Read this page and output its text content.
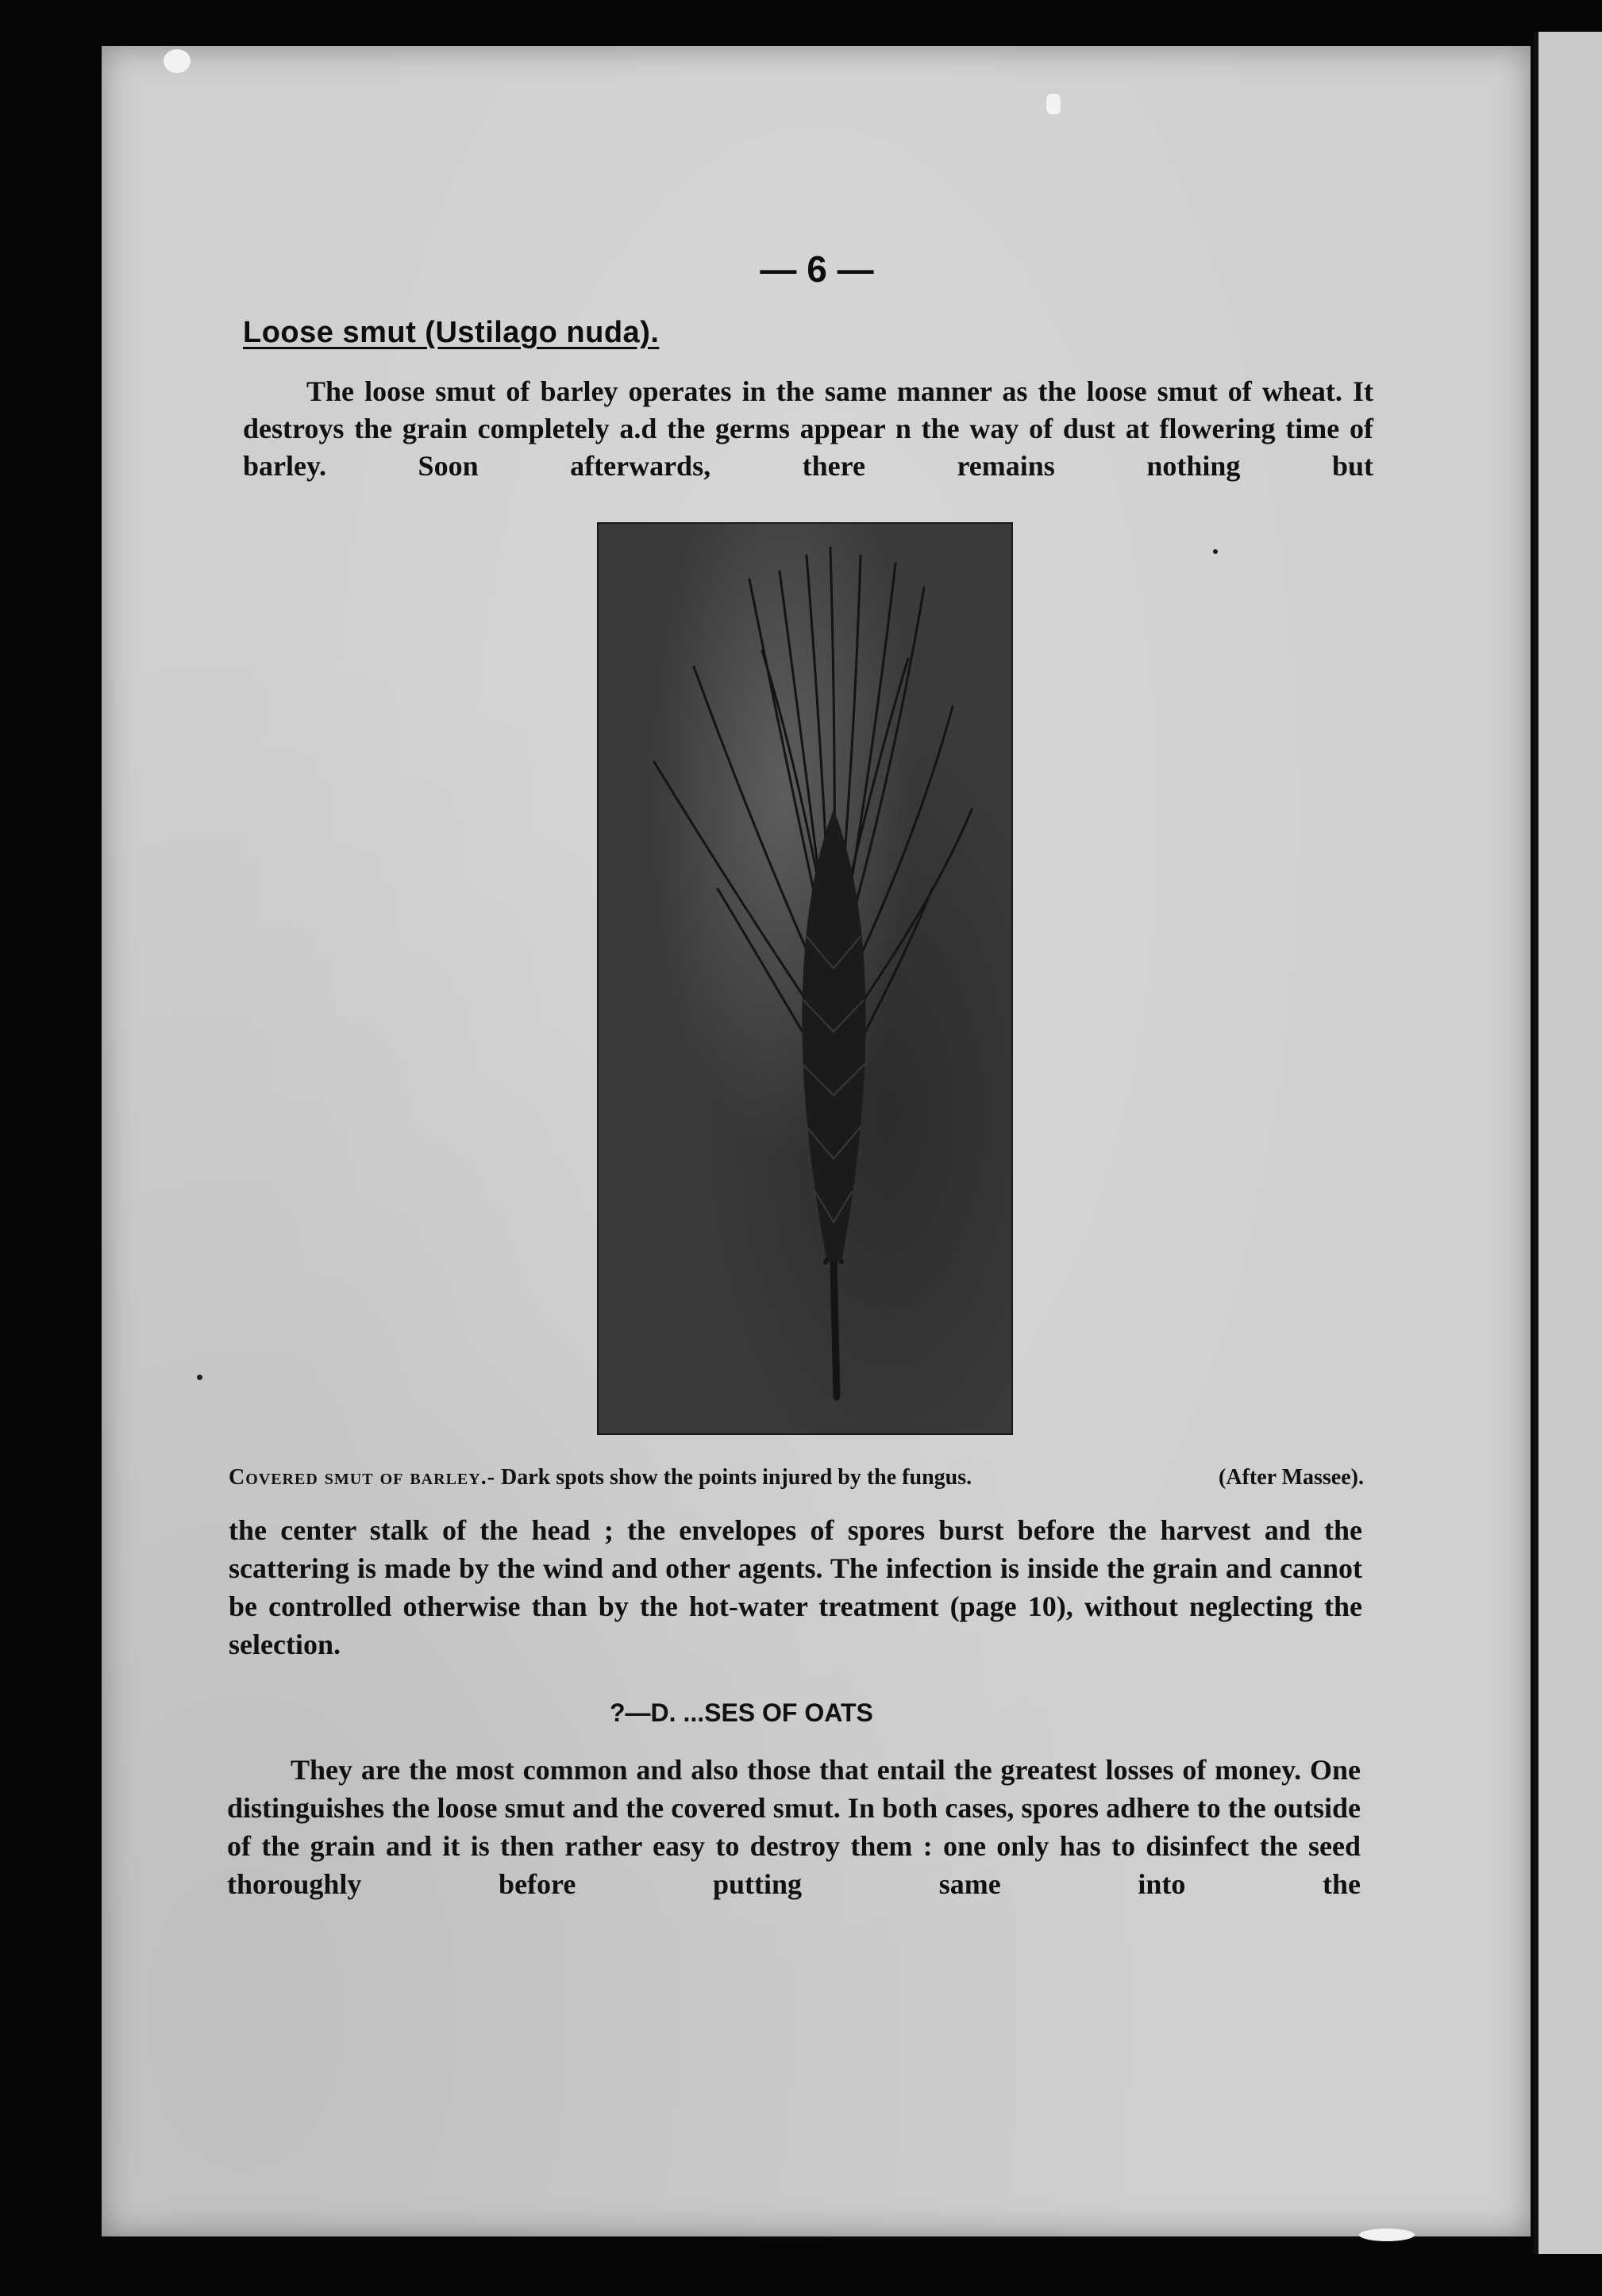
— 6 —
Loose smut (Ustilago nuda).

The loose smut of barley operates in the same manner as the loose smut of wheat. It destroys the grain completely a.d the germs appear n the way of dust at flowering time of barley. Soon afterwards, there remains nothing but

Covered smut of barley.- Dark spots show the points injured by the fungus.	(After Massee).

the center stalk of the head ; the envelopes of spores burst before the harvest and the scattering is made by the wind and other agents. The infection is inside the grain and cannot be controlled otherwise than by the hot-water treatment (page 10), without neglecting the selection.

?—D. ...SES OF OATS

They are the most common and also those that entail the greatest losses of money. One distinguishes the loose smut and the covered smut. In both cases, spores adhere to the outside of the grain and it is then rather easy to destroy them : one only has to disinfect the seed thoroughly before putting same into the
